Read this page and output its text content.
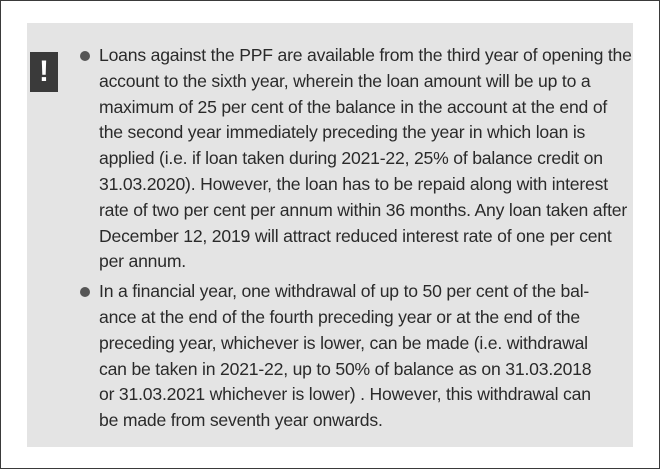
!	Loans against the PPF are available from the third year of opening the
account to the sixth year, wherein the loan amount will be up to a
maximum of 25 per cent of the balance in the account at the end of
the second year immediately preceding the year in which loan is
applied (i.e. if loan taken during 2021-22, 25% of balance credit on
31.03.2020). However, the loan has to be repaid along with interest
rate of two per cent per annum within 36 months. Any loan taken after
December 12, 2019 will attract reduced interest rate of one per cent
per annum.
In a financial year, one withdrawal of up to 50 per cent of the bal-
ance at the end of the fourth preceding year or at the end of the
preceding year, whichever is lower, can be made (i.e. withdrawal
can be taken in 2021-22, up to 50% of balance as on 31.03.2018
or 31.03.2021 whichever is lower) . However, this withdrawal can
be made from seventh year onwards.
